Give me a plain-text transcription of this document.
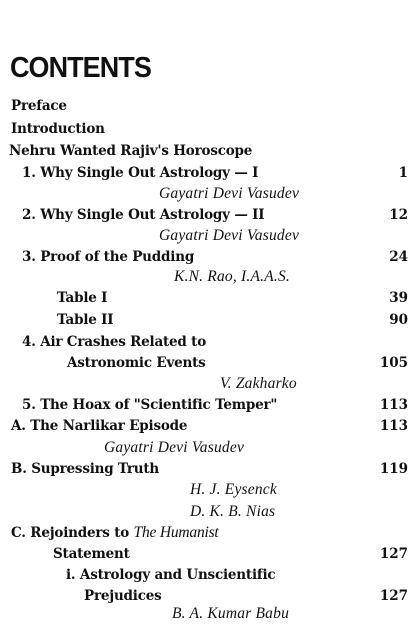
CONTENTS
Preface
Introduction
Nehru Wanted Rajiv's Horoscope
1. Why Single Out Astrology — I	1
Gayatri Devi Vasudev
2. Why Single Out Astrology — II	12
Gayatri Devi Vasudev
3. Proof of the Pudding	24
K.N. Rao, I.A.A.S.
Table I	39
Table II	90
4. Air Crashes Related to
Astronomic Events	105
V. Zakharko
5. The Hoax of "Scientific Temper"	113
A. The Narlikar Episode	113
Gayatri Devi Vasudev
B. Supressing Truth	119
H. J. Eysenck
D. K. B. Nias
C. Rejoinders to The Humanist
Statement	127
i. Astrology and Unscientific
Prejudices	127
B. A. Kumar Babu
